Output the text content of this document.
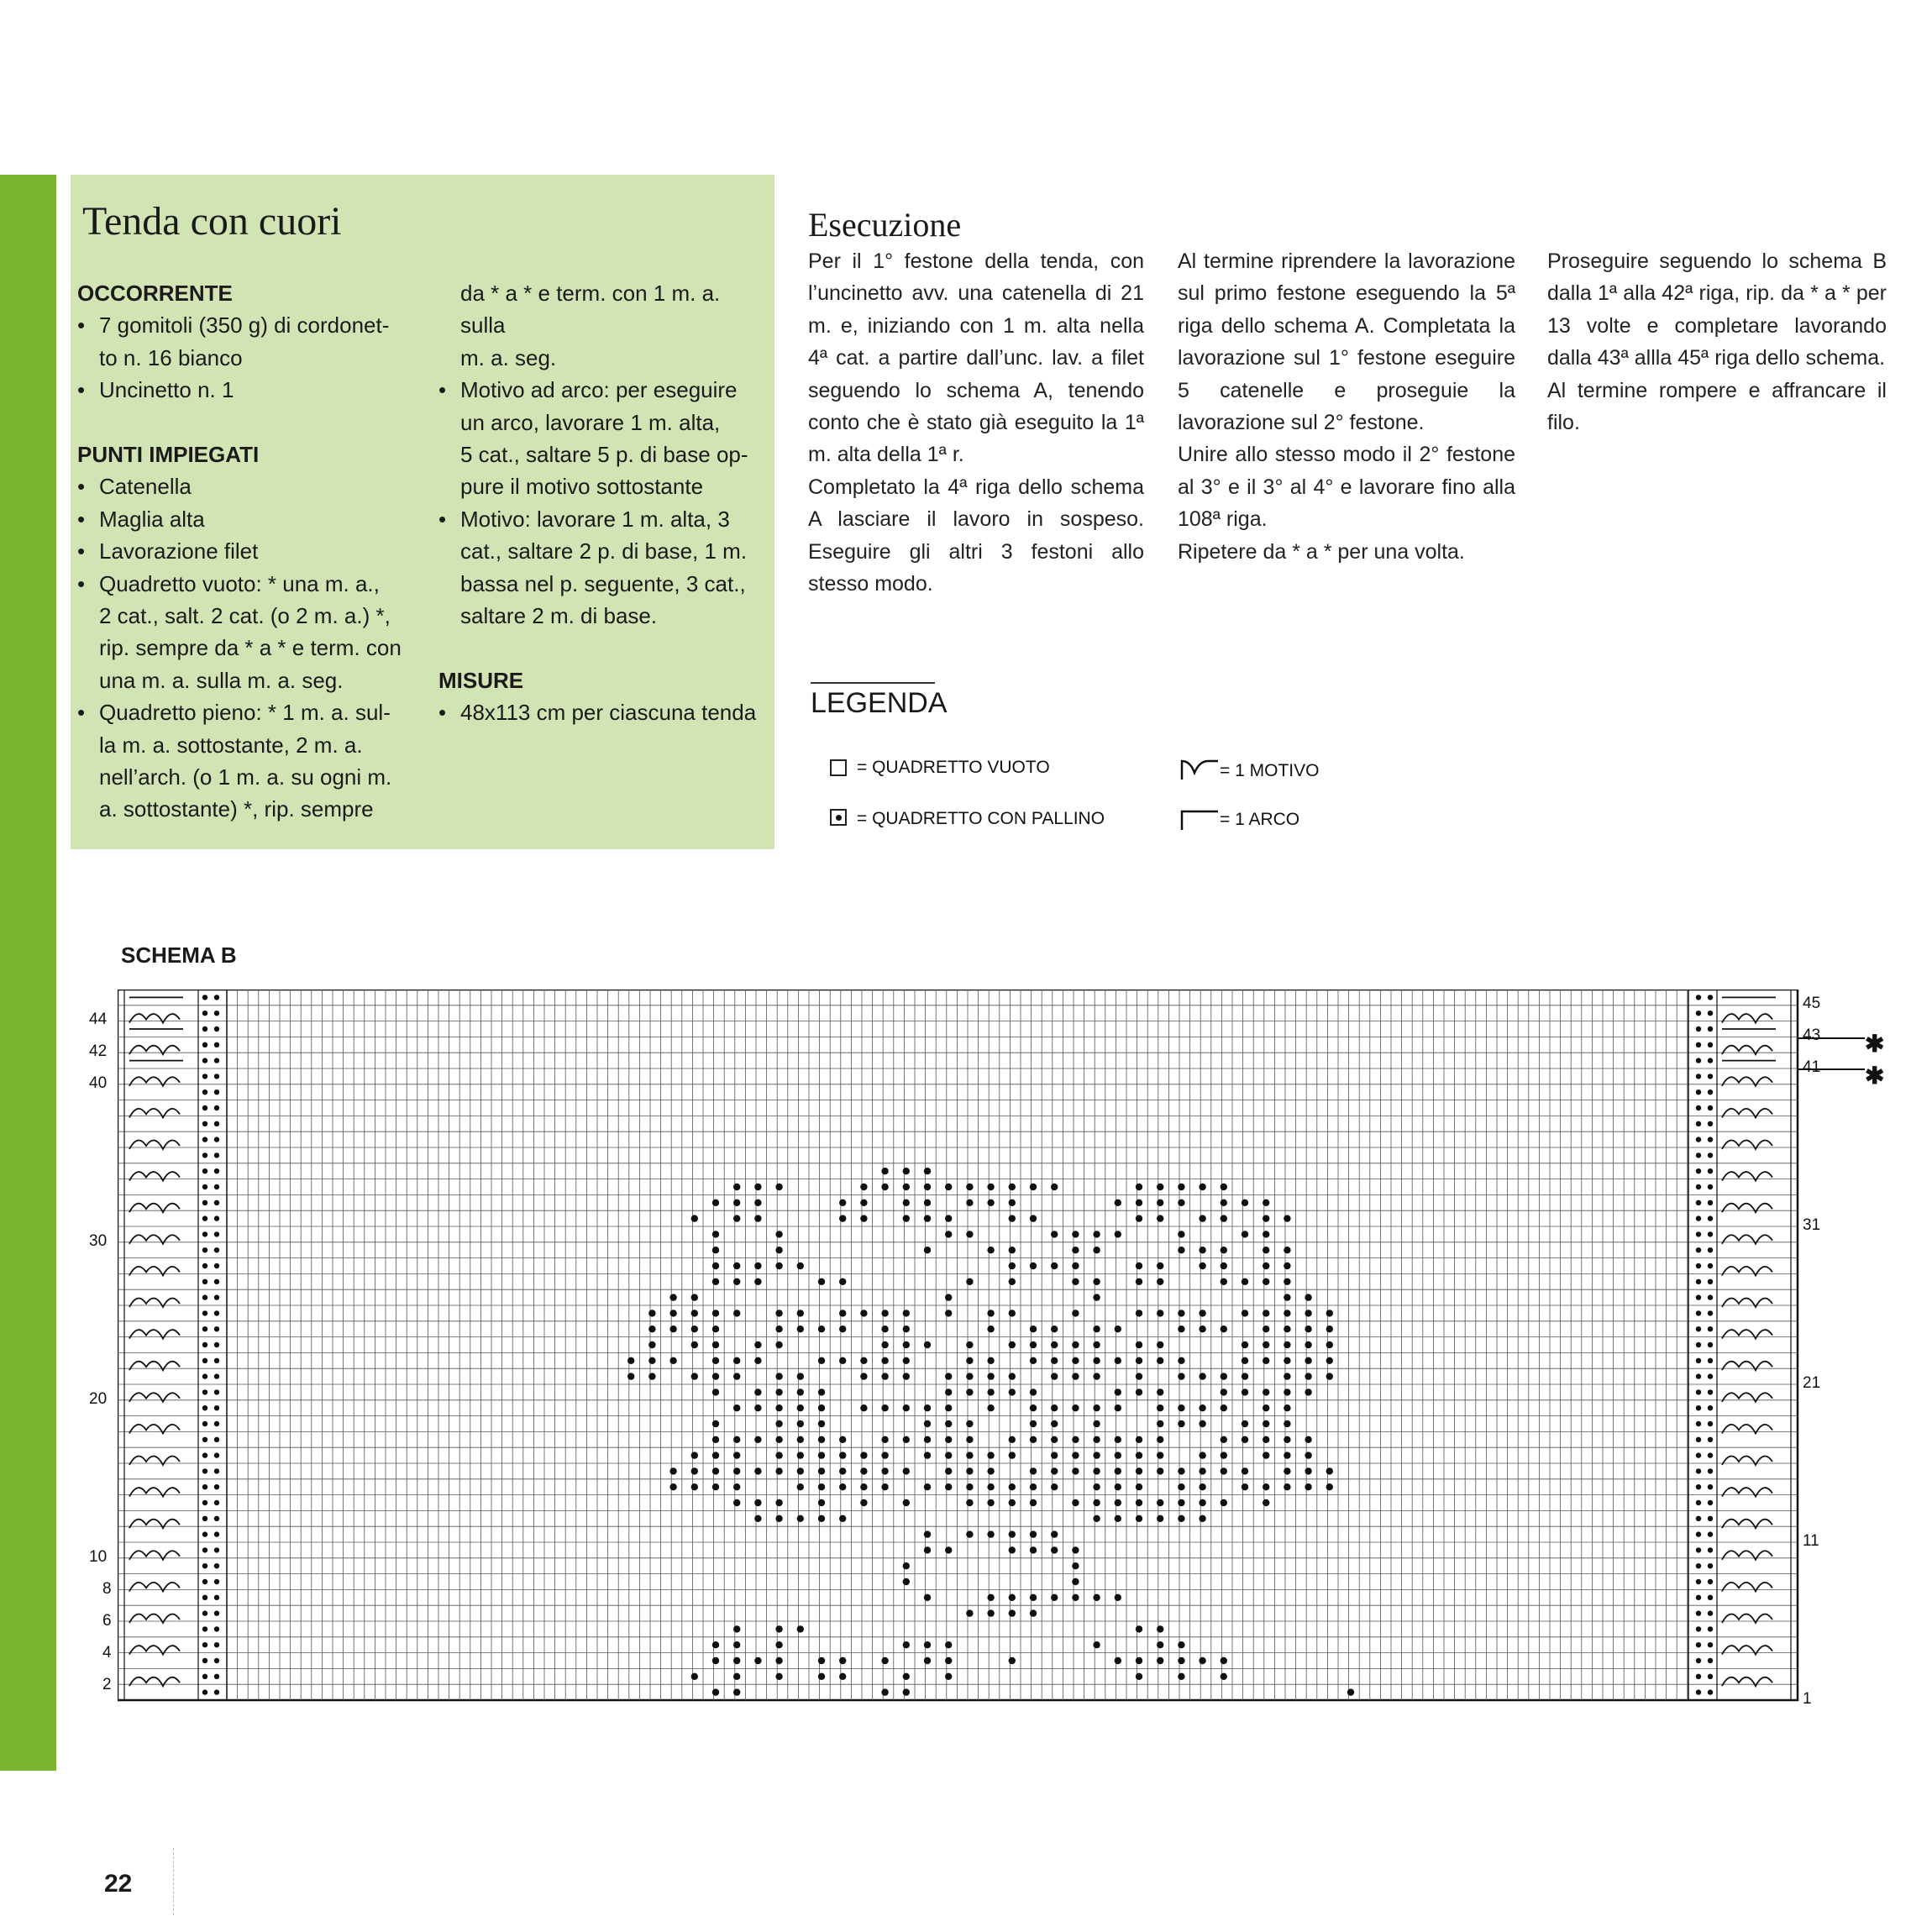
Tenda con cuori
OCCORRENTE
• 7 gomitoli (350 g) di cordonet-
to n. 16 bianco
• Uncinetto n. 1
PUNTI IMPIEGATI
• Catenella
• Maglia alta
• Lavorazione filet
• Quadretto vuoto: * una m. a.,
2 cat., salt. 2 cat. (o 2 m. a.) *,
rip. sempre da * a * e term. con
una m. a. sulla m. a. seg.
• Quadretto pieno: * 1 m. a. sul-
la m. a. sottostante, 2 m. a.
nell’arch. (o 1 m. a. su ogni m.
a. sottostante) *, rip. sempre
da * a * e term. con 1 m. a. sulla
m. a. seg.
• Motivo ad arco: per eseguire
un arco, lavorare 1 m. alta,
5 cat., saltare 5 p. di base op-
pure il motivo sottostante
• Motivo: lavorare 1 m. alta, 3
cat., saltare 2 p. di base, 1 m.
bassa nel p. seguente, 3 cat.,
saltare 2 m. di base.
MISURE
• 48x113 cm per ciascuna tenda
Esecuzione

Per il 1° festone della tenda, con l’uncinetto avv. una catenella di 21 m. e, iniziando con 1 m. alta nella 4ª cat. a partire dall’unc. lav. a filet seguendo lo schema A, tenendo conto che è stato già eseguito la 1ª m. alta della 1ª r.

Completato la 4ª riga dello schema A lasciare il lavoro in sospeso. Eseguire gli altri 3 festoni allo stesso modo.

Al termine riprendere la lavorazione sul primo festone eseguendo la 5ª riga dello schema A. Completata la lavorazione sul 1° festone eseguire 5 catenelle e proseguie la lavorazione sul 2° festone.

Unire allo stesso modo il 2° festone al 3° e il 3° al 4° e lavorare fino alla 108ª riga.

Ripetere da * a * per una volta.

Proseguire seguendo lo schema B dalla 1ª alla 42ª riga, rip. da * a * per 13 volte e completare lavorando dalla 43ª allla 45ª riga dello schema.

Al termine rompere e affrancare il filo.

LEGENDA
= QUADRETTO VUOTO
= QUADRETTO CON PALLINO
= 1 MOTIVO
= 1 ARCO
SCHEMA B
44
42
40
30
20
10
8
6
4
2
45
43
41
31
21
11
1
✱
✱
22
